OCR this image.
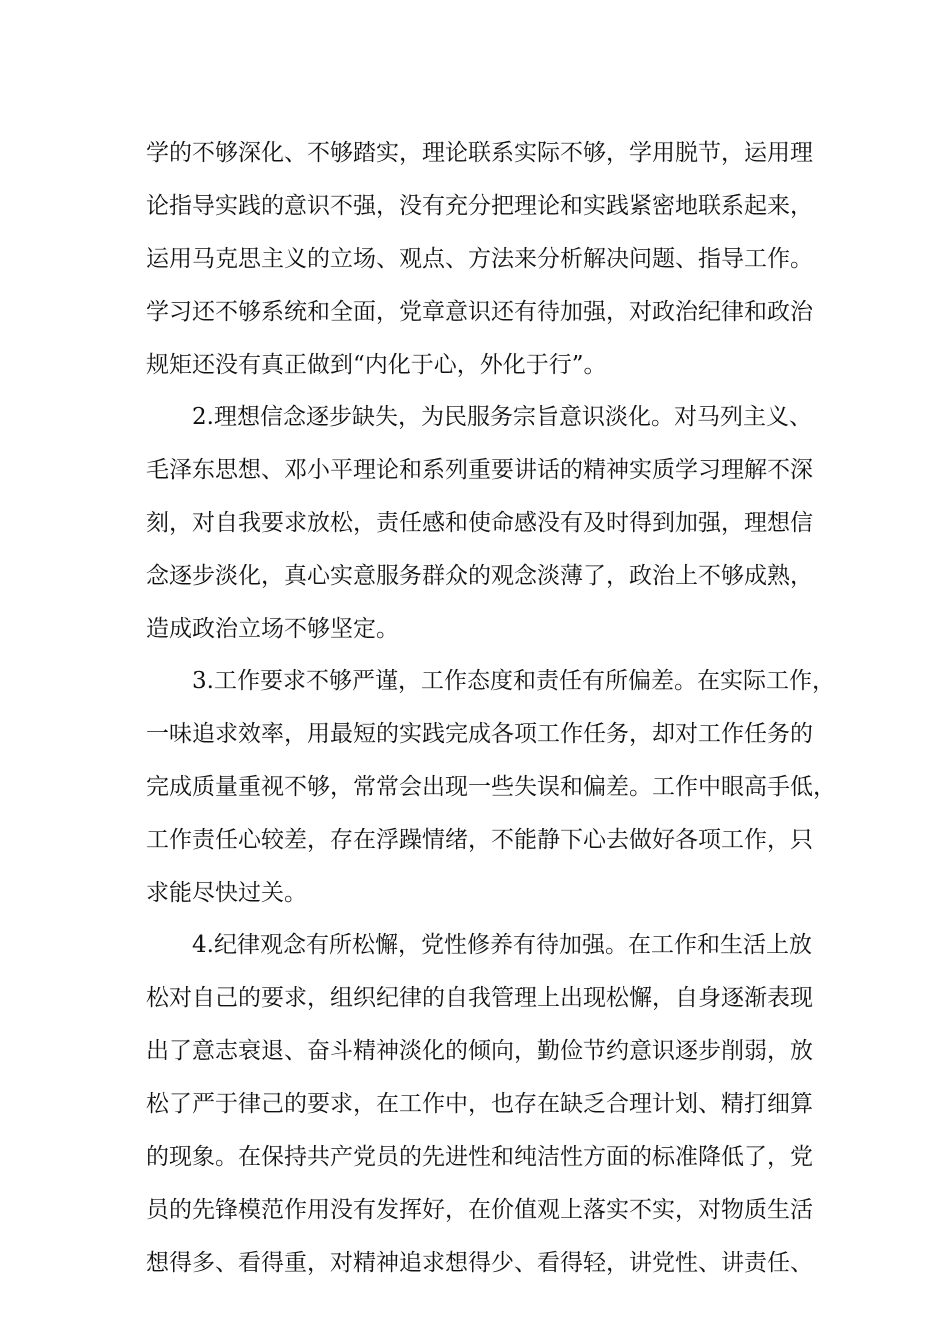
学的不够深化、不够踏实，理论联系实际不够，学用脱节，运用理
论指导实践的意识不强，没有充分把理论和实践紧密地联系起来，
运用马克思主义的立场、观点、方法来分析解决问题、指导工作。
学习还不够系统和全面，党章意识还有待加强，对政治纪律和政治
规矩还没有真正做到“内化于心，外化于行”。
2.理想信念逐步缺失，为民服务宗旨意识淡化。对马列主义、
毛泽东思想、邓小平理论和系列重要讲话的精神实质学习理解不深
刻，对自我要求放松，责任感和使命感没有及时得到加强，理想信
念逐步淡化，真心实意服务群众的观念淡薄了，政治上不够成熟，
造成政治立场不够坚定。
3.工作要求不够严谨，工作态度和责任有所偏差。在实际工作，
一味追求效率，用最短的实践完成各项工作任务，却对工作任务的
完成质量重视不够，常常会出现一些失误和偏差。工作中眼高手低，
工作责任心较差，存在浮躁情绪，不能静下心去做好各项工作，只
求能尽快过关。
4.纪律观念有所松懈，党性修养有待加强。在工作和生活上放
松对自己的要求，组织纪律的自我管理上出现松懈，自身逐渐表现
出了意志衰退、奋斗精神淡化的倾向，勤俭节约意识逐步削弱，放
松了严于律己的要求，在工作中，也存在缺乏合理计划、精打细算
的现象。在保持共产党员的先进性和纯洁性方面的标准降低了，党
员的先锋模范作用没有发挥好，在价值观上落实不实，对物质生活
想得多、看得重，对精神追求想得少、看得轻，讲党性、讲责任、
